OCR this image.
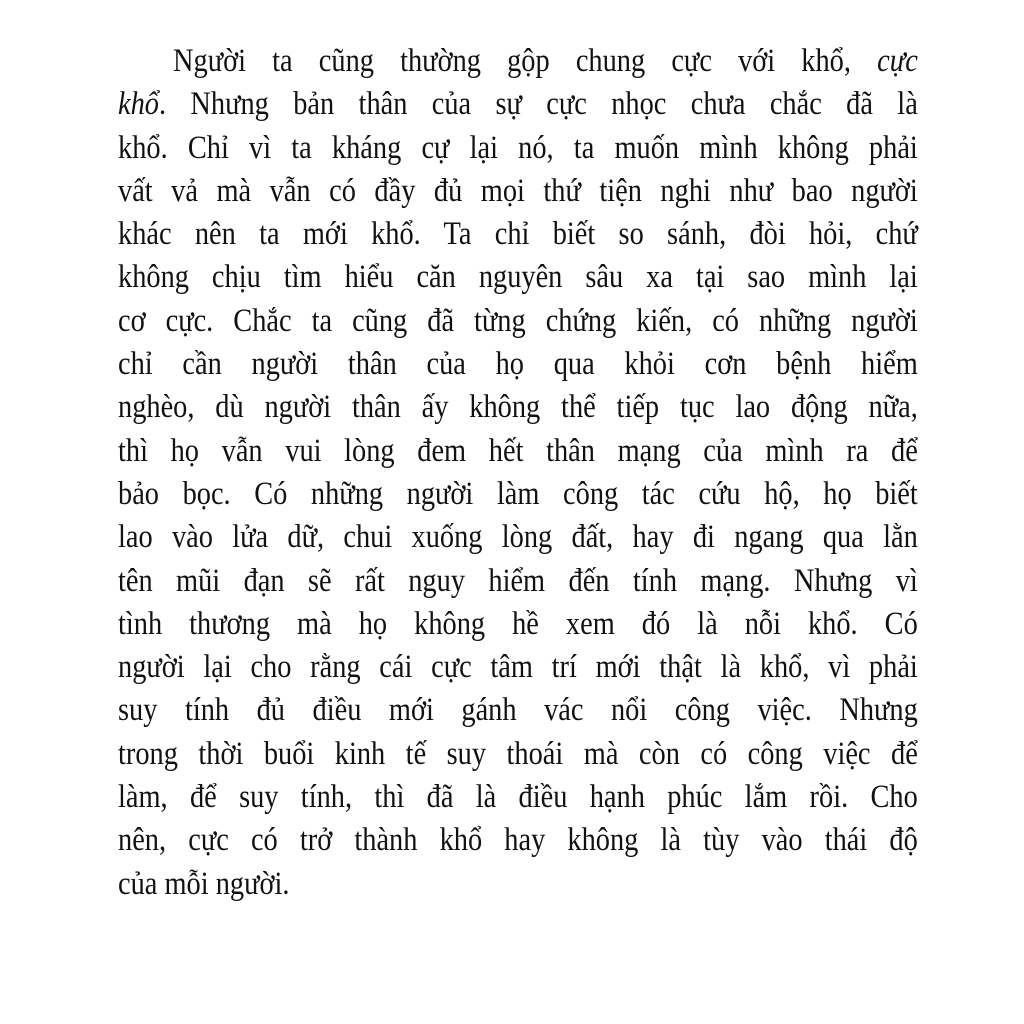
Người ta cũng thường gộp chung cực với khổ, cực
khổ. Nhưng bản thân của sự cực nhọc chưa chắc đã là
khổ. Chỉ vì ta kháng cự lại nó, ta muốn mình không phải
vất vả mà vẫn có đầy đủ mọi thứ tiện nghi như bao người
khác nên ta mới khổ. Ta chỉ biết so sánh, đòi hỏi, chứ
không chịu tìm hiểu căn nguyên sâu xa tại sao mình lại
cơ cực. Chắc ta cũng đã từng chứng kiến, có những người
chỉ cần người thân của họ qua khỏi cơn bệnh hiểm
nghèo, dù người thân ấy không thể tiếp tục lao động nữa,
thì họ vẫn vui lòng đem hết thân mạng của mình ra để
bảo bọc. Có những người làm công tác cứu hộ, họ biết
lao vào lửa dữ, chui xuống lòng đất, hay đi ngang qua lằn
tên mũi đạn sẽ rất nguy hiểm đến tính mạng. Nhưng vì
tình thương mà họ không hề xem đó là nỗi khổ. Có
người lại cho rằng cái cực tâm trí mới thật là khổ, vì phải
suy tính đủ điều mới gánh vác nổi công việc. Nhưng
trong thời buổi kinh tế suy thoái mà còn có công việc để
làm, để suy tính, thì đã là điều hạnh phúc lắm rồi. Cho
nên, cực có trở thành khổ hay không là tùy vào thái độ
của mỗi người.
